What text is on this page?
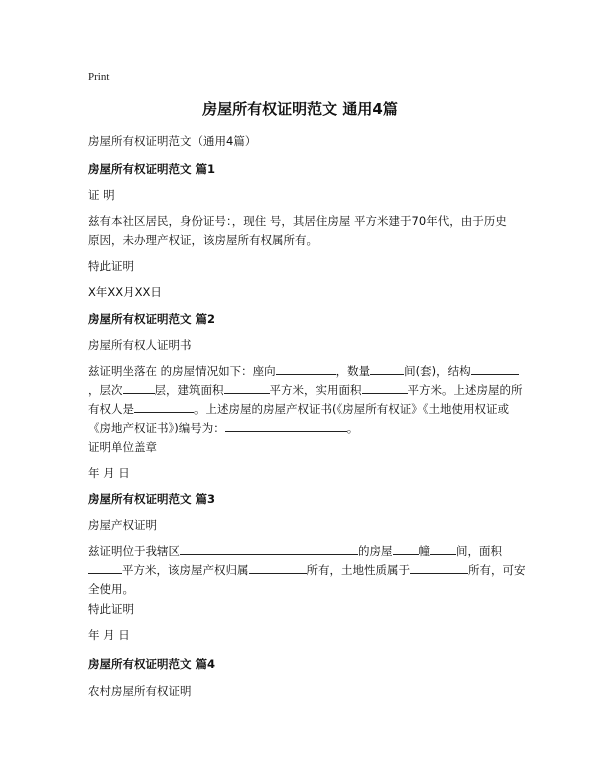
Print
房屋所有权证明范文 通用4篇

房屋所有权证明范文（通用4篇）

房屋所有权证明范文 篇1

证 明

兹有本社区居民，身份证号：，现住 号，其居住房屋 平方米建于70年代，由于历史原因，未办理产权证，该房屋所有权属所有。

特此证明

X年XX月XX日

房屋所有权证明范文 篇2

房屋所有权人证明书

兹证明坐落在 的房屋情况如下：座向	，数量	间(套)，结构，层次	层，建筑面积	平方米，实用面积	平方米。上述房屋的所有权人是	。上述房屋的房屋产权证书(《房屋所有权证》《土地使用权证或《房地产权证书》)编号为：	。

证明单位盖章

年 月 日

房屋所有权证明范文 篇3

房屋产权证明

兹证明位于我辖区	的房屋 幢 间，面积平方米，该房屋产权归属	所有，土地性质属于	所有，可安全使用。

特此证明

年 月 日

房屋所有权证明范文 篇4

农村房屋所有权证明
